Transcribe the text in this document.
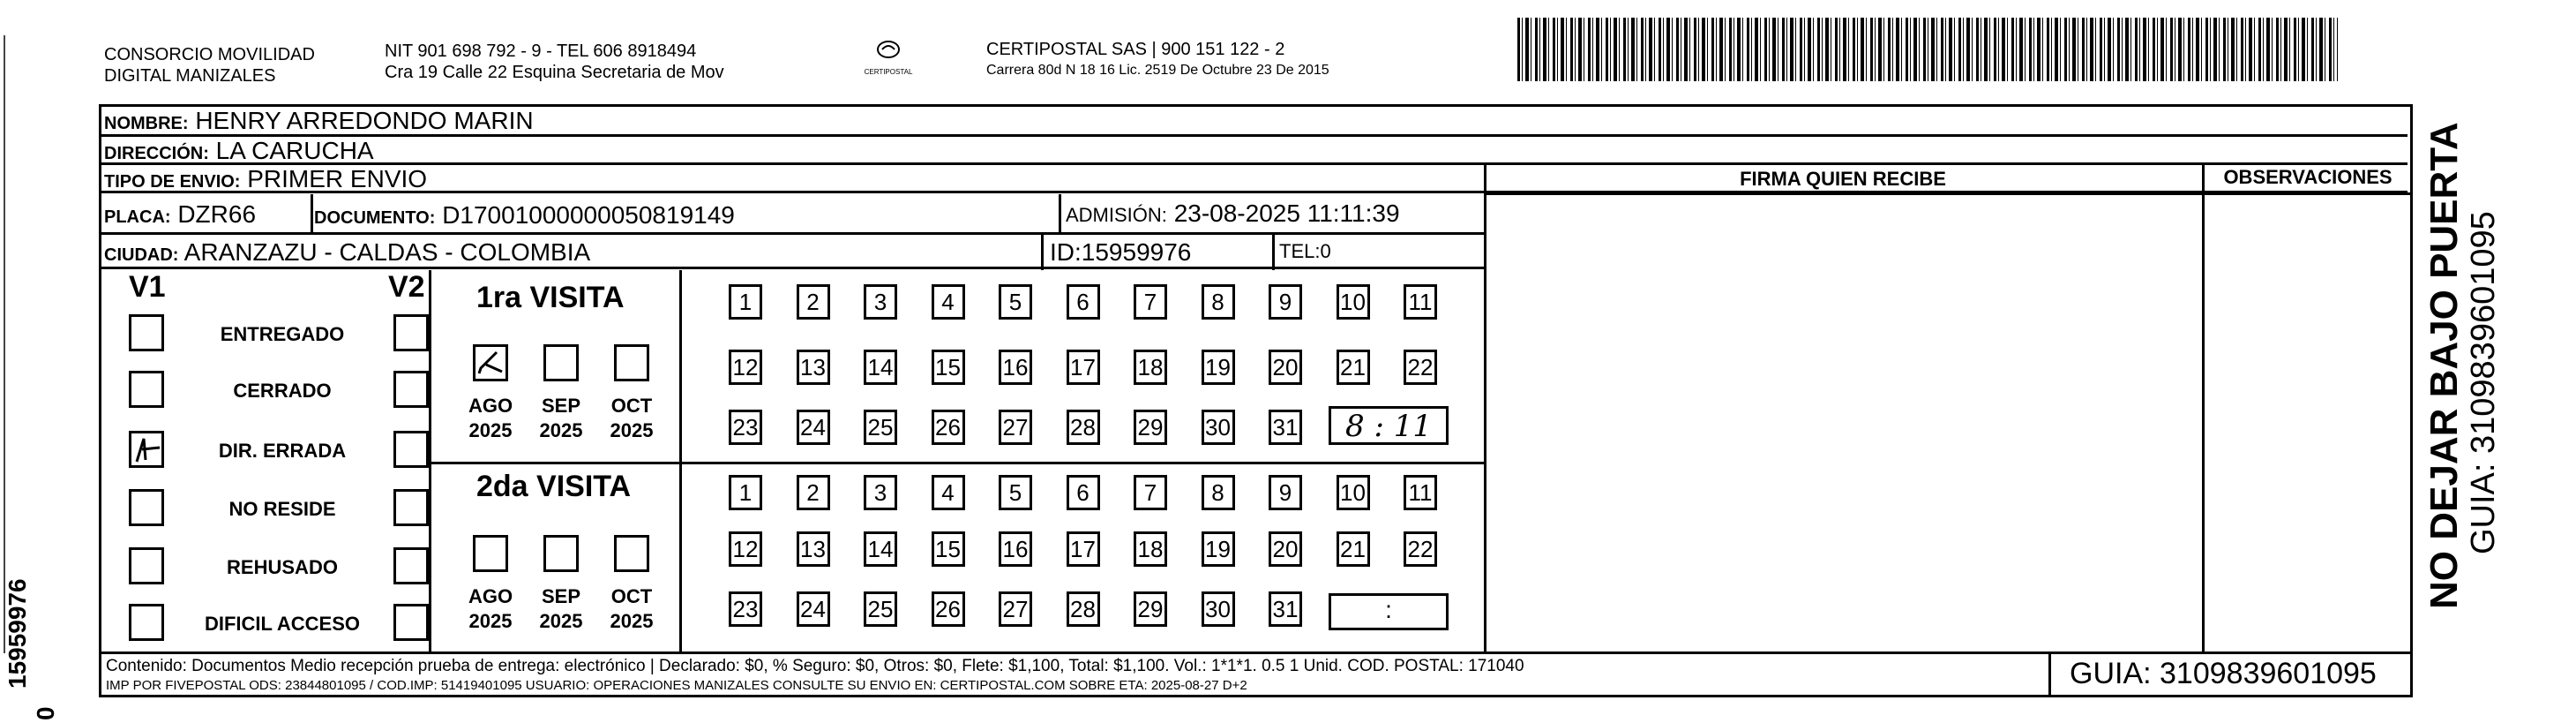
CONSORCIO MOVILIDAD
DIGITAL MANIZALES
NIT 901 698 792 - 9 - TEL 606 8918494
Cra 19 Calle 22 Esquina Secretaria de Mov	CERTIPOSTAL
CERTIPOSTAL SAS | 900 151 122 - 2
Carrera 80d N 18 16 Lic. 2519 De Octubre 23 De 2015
NOMBRE: HENRY ARREDONDO MARIN
DIRECCIÓN: LA CARUCHA
TIPO DE ENVIO: PRIMER ENVIO
PLACA: DZR66	DOCUMENTO: D17001000000050819149	ADMISIÓN: 23-08-2025 11:11:39
CIUDAD: ARANZAZU - CALDAS - COLOMBIA	ID:15959976	TEL:0
FIRMA QUIEN RECIBE	OBSERVACIONES
V1	V2
ENTREGADO
CERRADO
DIR. ERRADA
NO RESIDE
REHUSADO
DIFICIL ACCESO
1ra VISITA
AGO
2025
SEP
2025
OCT
2025
1	2	3	4	5	6	7	8	9	10 11
12 13 14 15 16 17 18 19 20 21 22
23 24 25 26 27 28 29 30 31	8 : 11
2da VISITA
AGO
2025
SEP
2025
OCT
2025
1	2	3	4	5	6	7	8	9	10 11
12 13 14 15 16 17 18 19 20 21 22
23 24 25 26 27 28 29 30 31	:
Contenido: Documentos Medio recepción prueba de entrega: electrónico | Declarado: $0, % Seguro: $0, Otros: $0, Flete: $1,100, Total: $1,100. Vol.: 1*1*1. 0.5 1 Unid. COD. POSTAL: 171040
IMP POR FIVEPOSTAL ODS: 23844801095 / COD.IMP: 51419401095 USUARIO: OPERACIONES MANIZALES CONSULTE SU ENVIO EN: CERTIPOSTAL.COM SOBRE ETA: 2025-08-27 D+2	GUIA: 3109839601095
NO DEJAR BAJO PUERTA GUIA: 3109839601095
15959976
0
